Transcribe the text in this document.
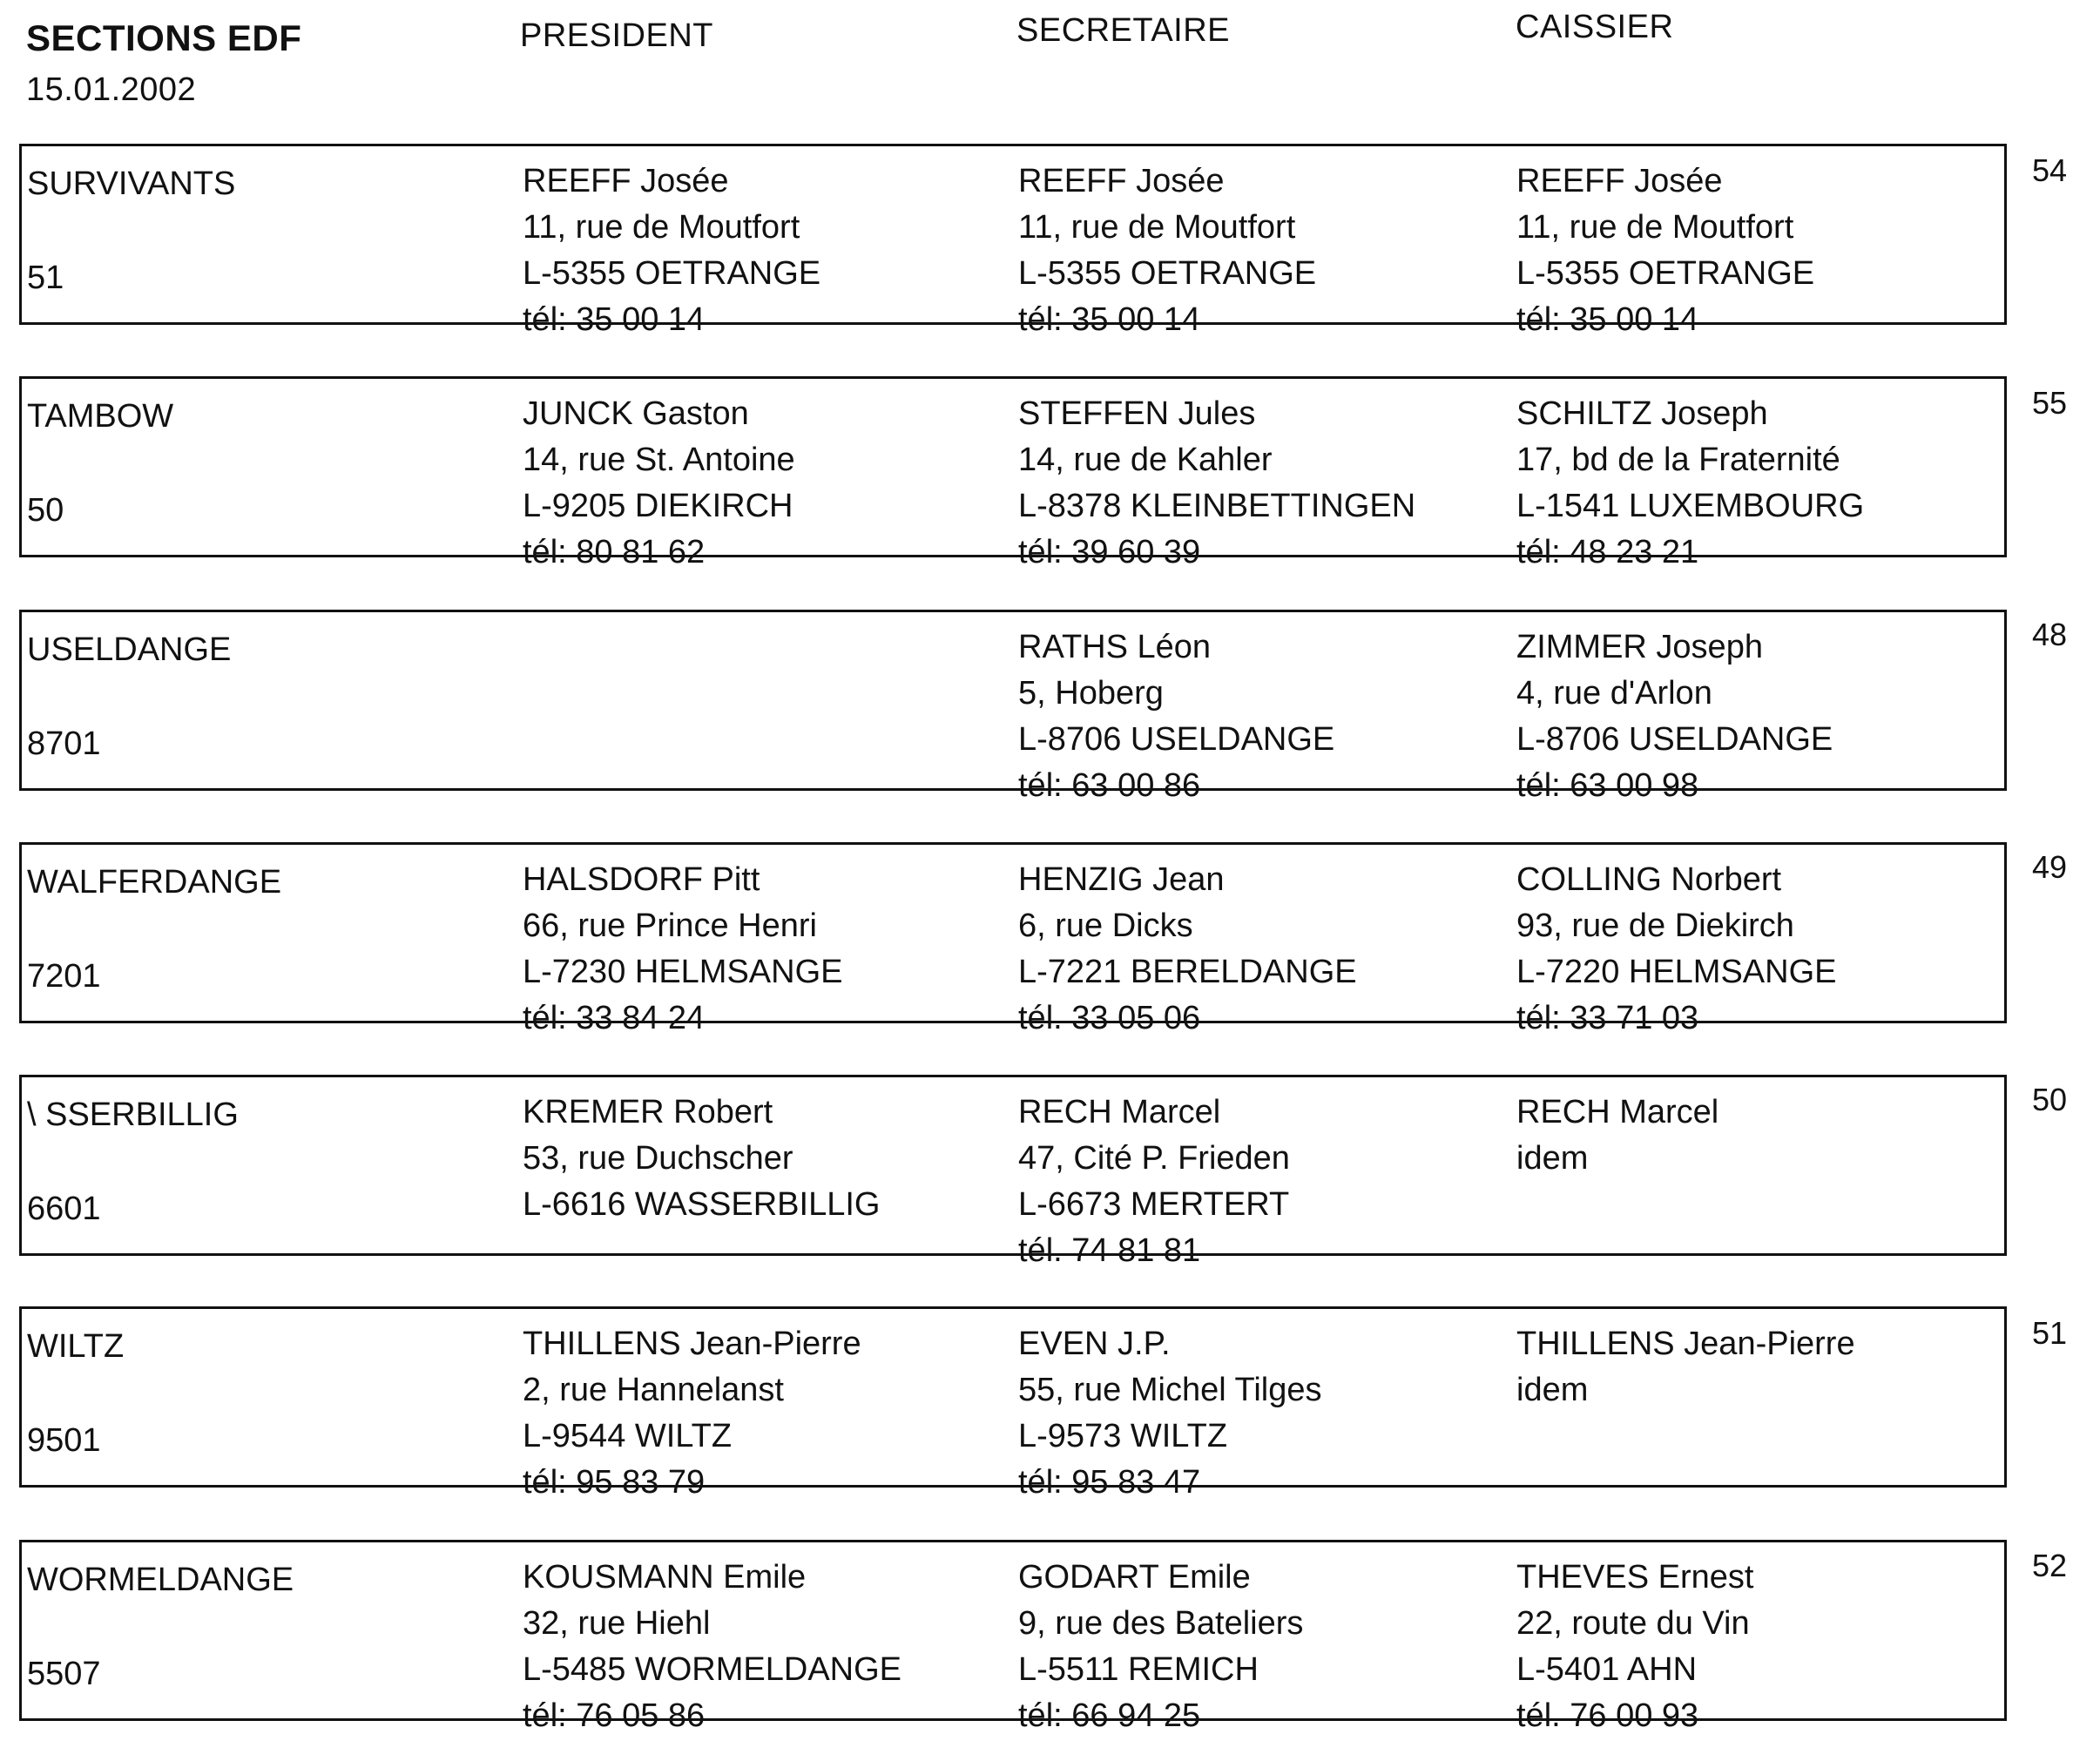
SECTIONS EDF
15.01.2002
PRESIDENT	SECRETAIRE	CAISSIER
SURVIVANTS
51
REEFF Josée
11, rue de Moutfort
L-5355 OETRANGE
tél: 35 00 14
REEFF Josée
11, rue de Moutfort
L-5355 OETRANGE
tél: 35 00 14
REEFF Josée
11, rue de Moutfort
L-5355 OETRANGE
tél: 35 00 14
54
TAMBOW
50
JUNCK Gaston
14, rue St. Antoine
L-9205 DIEKIRCH
tél: 80 81 62
STEFFEN Jules
14, rue de Kahler
L-8378 KLEINBETTINGEN
tél: 39 60 39
SCHILTZ Joseph
17, bd de la Fraternité
L-1541 LUXEMBOURG
tél: 48 23 21
55
USELDANGE
8701
RATHS Léon
5, Hoberg
L-8706 USELDANGE
tél: 63 00 86
ZIMMER Joseph
4, rue d'Arlon
L-8706 USELDANGE
tél: 63 00 98
48
WALFERDANGE
7201
HALSDORF Pitt
66, rue Prince Henri
L-7230 HELMSANGE
tél: 33 84 24
HENZIG Jean
6, rue Dicks
L-7221 BERELDANGE
tél. 33 05 06
COLLING Norbert
93, rue de Diekirch
L-7220 HELMSANGE
tél: 33 71 03
49
\ SSERBILLIG
6601
KREMER Robert
53, rue Duchscher
L-6616 WASSERBILLIG
RECH Marcel
47, Cité P. Frieden
L-6673 MERTERT
tél. 74 81 81
RECH Marcel
idem
50
WILTZ
9501
THILLENS Jean-Pierre
2, rue Hannelanst
L-9544 WILTZ
tél: 95 83 79
EVEN J.P.
55, rue Michel Tilges
L-9573 WILTZ
tél: 95 83 47
THILLENS Jean-Pierre
idem
51
WORMELDANGE
5507
KOUSMANN Emile
32, rue Hiehl
L-5485 WORMELDANGE
tél: 76 05 86
GODART Emile
9, rue des Bateliers
L-5511 REMICH
tél: 66 94 25
THEVES Ernest
22, route du Vin
L-5401 AHN
tél. 76 00 93
52
